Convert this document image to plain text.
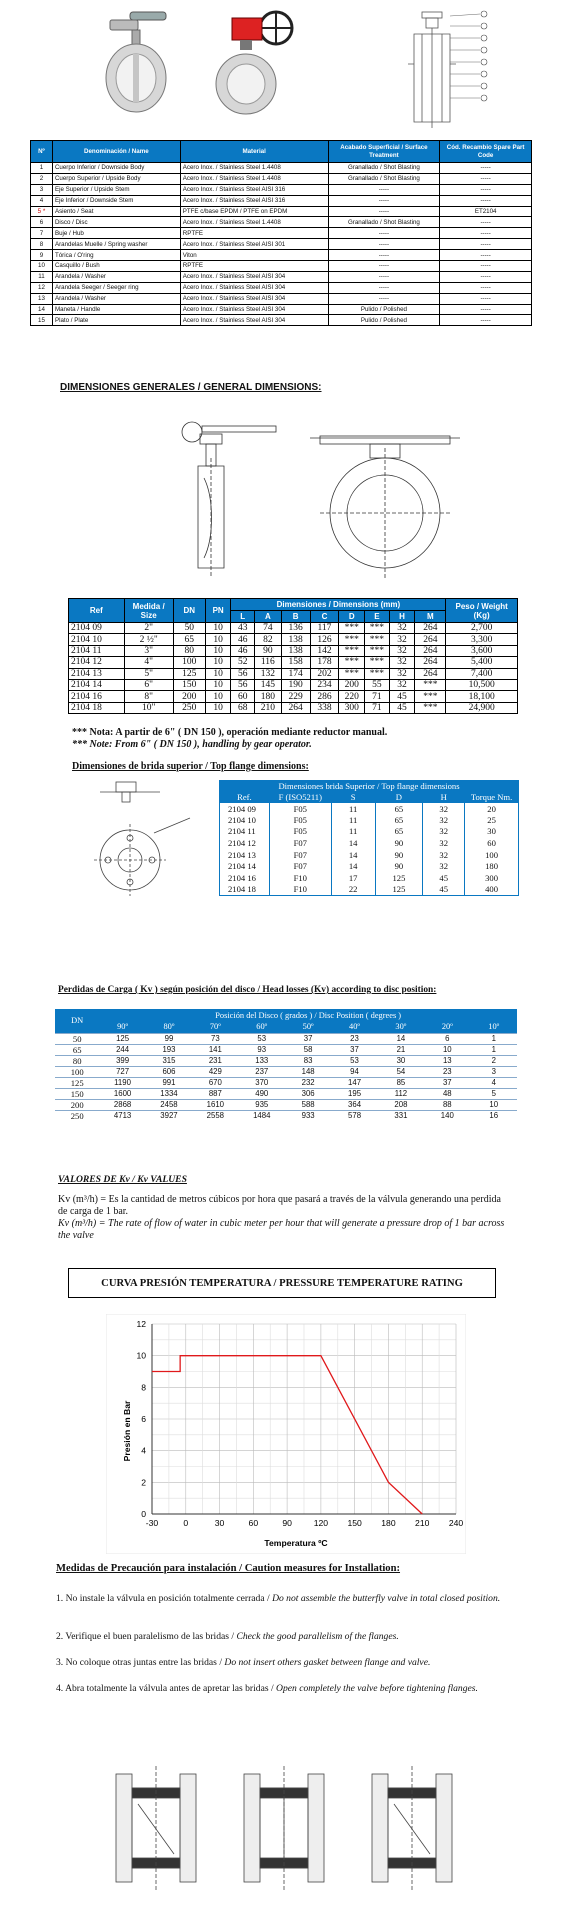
Nº	Denominación / Name	Material	Acabado Superficial / Surface Treatment	Cód. Recambio Spare Part Code
1	Cuerpo Inferior / Downside Body	Acero Inox. / Stainless Steel 1.4408	Granallado / Shot Blasting	-----
2	Cuerpo Superior / Upside Body	Acero Inox. / Stainless Steel 1.4408	Granallado / Shot Blasting	-----
3	Eje Superior / Upside Stem	Acero Inox. / Stainless Steel AISI 316	-----	-----
4	Eje Inferior / Downside Stem	Acero Inox. / Stainless Steel AISI 316	-----	-----
5 *	Asiento / Seat	PTFE c/base EPDM / PTFE on EPDM	-----	ET2104
6	Disco / Disc	Acero Inox. / Stainless Steel 1.4408	Granallado / Shot Blasting	-----
7	Buje / Hub	RPTFE	-----	-----
8	Arandelas Muelle / Spring washer	Acero Inox. / Stainless Steel AISI 301	-----	-----
9	Tórica / O'ring	Viton	-----	-----
10	Casquillo / Bush	RPTFE	-----	-----
11	Arandela / Washer	Acero Inox. / Stainless Steel AISI 304	-----	-----
12	Arandela Seeger / Seeger ring	Acero Inox. / Stainless Steel AISI 304	-----	-----
13	Arandela / Washer	Acero Inox. / Stainless Steel AISI 304	-----	-----
14	Maneta / Handle	Acero Inox. / Stainless Steel AISI 304	Pulido / Polished	-----
15	Plato / Plate	Acero Inox. / Stainless Steel AISI 304	Pulido / Polished	-----
DIMENSIONES GENERALES / GENERAL DIMENSIONS:
Ref	Medida / Size	DN	PN	Dimensiones / Dimensions (mm)								Peso / Weight (Kg)
				L	A	B	C	D	E	H	M	
2104 09	2"	50	10	43	74	136	117	***	***	32	264	2,700
2104 10	2 ½"	65	10	46	82	138	126	***	***	32	264	3,300
2104 11	3"	80	10	46	90	138	142	***	***	32	264	3,600
2104 12	4"	100	10	52	116	158	178	***	***	32	264	5,400
2104 13	5"	125	10	56	132	174	202	***	***	32	264	7,400
2104 14	6"	150	10	56	145	190	234	200	55	32	***	10,500
2104 16	8"	200	10	60	180	229	286	220	71	45	***	18,100
2104 18	10"	250	10	68	210	264	338	300	71	45	***	24,900
*** Nota: A partir de 6" ( DN 150 ), operación mediante reductor manual.
*** Note: From 6" ( DN 150 ), handling by gear operator.
Dimensiones de brida superior / Top flange dimensions:
Dimensiones brida Superior / Top flange dimensions					
Ref.	F (ISO5211)	S	D	H	Torque Nm.
2104 09	F05	11	65	32	20
2104 10	F05	11	65	32	25
2104 11	F05	11	65	32	30
2104 12	F07	14	90	32	60
2104 13	F07	14	90	32	100
2104 14	F07	14	90	32	180
2104 16	F10	17	125	45	300
2104 18	F10	22	125	45	400
Perdidas de Carga ( Kv ) según posición del disco / Head losses (Kv) according to disc position:
DN	Posición del Disco ( grados ) / Disc Position ( degrees )								
	90º	80º	70º	60º	50º	40º	30º	20º	10º
50	125	99	73	53	37	23	14	6	1
65	244	193	141	93	58	37	21	10	1
80	399	315	231	133	83	53	30	13	2
100	727	606	429	237	148	94	54	23	3
125	1190	991	670	370	232	147	85	37	4
150	1600	1334	887	490	306	195	112	48	5
200	2868	2458	1610	935	588	364	208	88	10
250	4713	3927	2558	1484	933	578	331	140	16
VALORES DE Kv / Kv VALUES
Kv (m³/h) = Es la cantidad de metros cúbicos por hora que pasará a través de la válvula generando una perdida de carga de 1 bar.
Kv (m³/h) = The rate of flow of water in cubic meter per hour that will generate a pressure drop of 1 bar across the valve
CURVA PRESIÓN TEMPERATURA / PRESSURE TEMPERATURE RATING
0
2
4
6
8
10
12
-30	0	30	60	90	120 150 180 210 240
Presión en Bar
Temperatura ºC
Medidas de Precaución para instalación / Caution measures for Installation:

1. No instale la válvula en posición totalmente cerrada / Do not assemble the butterfly valve in total closed position.

2. Verifique el buen paralelismo de las bridas / Check the good parallelism of the flanges.

3. No coloque otras juntas entre las bridas / Do not insert others gasket between flange and valve.

4. Abra totalmente la válvula antes de apretar las bridas / Open completely the valve before tightening flanges.
